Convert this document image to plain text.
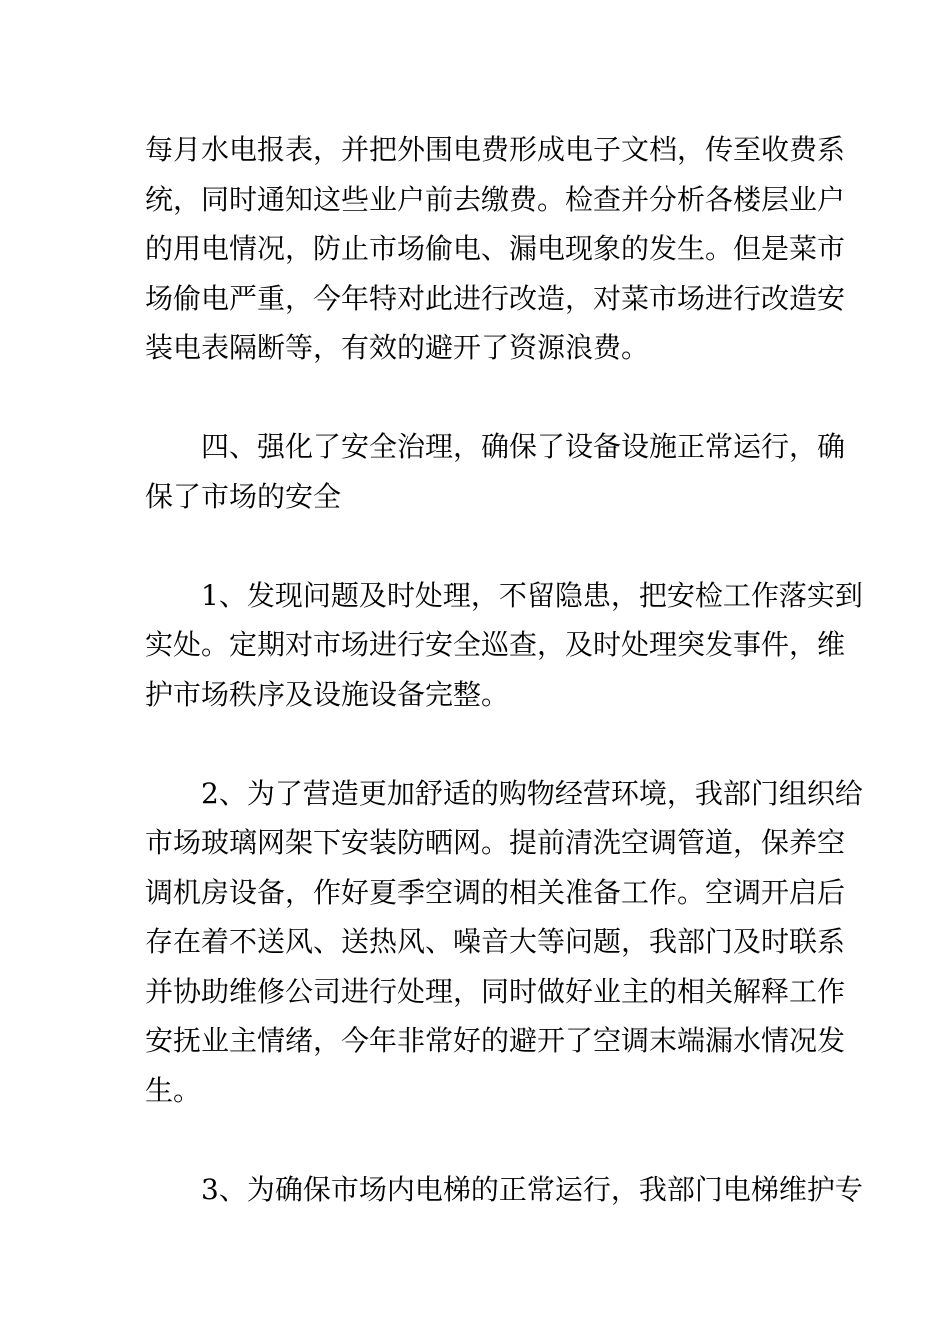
每月水电报表，并把外围电费形成电子文档，传至收费系
统，同时通知这些业户前去缴费。检查并分析各楼层业户
的用电情况，防止市场偷电、漏电现象的发生。但是菜市
场偷电严重，今年特对此进行改造，对菜市场进行改造安
装电表隔断等，有效的避开了资源浪费。
四、强化了安全治理，确保了设备设施正常运行，确
保了市场的安全
1、发现问题及时处理，不留隐患，把安检工作落实到
实处。定期对市场进行安全巡查，及时处理突发事件，维
护市场秩序及设施设备完整。
2、为了营造更加舒适的购物经营环境，我部门组织给
市场玻璃网架下安装防晒网。提前清洗空调管道，保养空
调机房设备，作好夏季空调的相关准备工作。空调开启后
存在着不送风、送热风、噪音大等问题，我部门及时联系
并协助维修公司进行处理，同时做好业主的相关解释工作
安抚业主情绪，今年非常好的避开了空调末端漏水情况发
生。
3、为确保市场内电梯的正常运行，我部门电梯维护专
